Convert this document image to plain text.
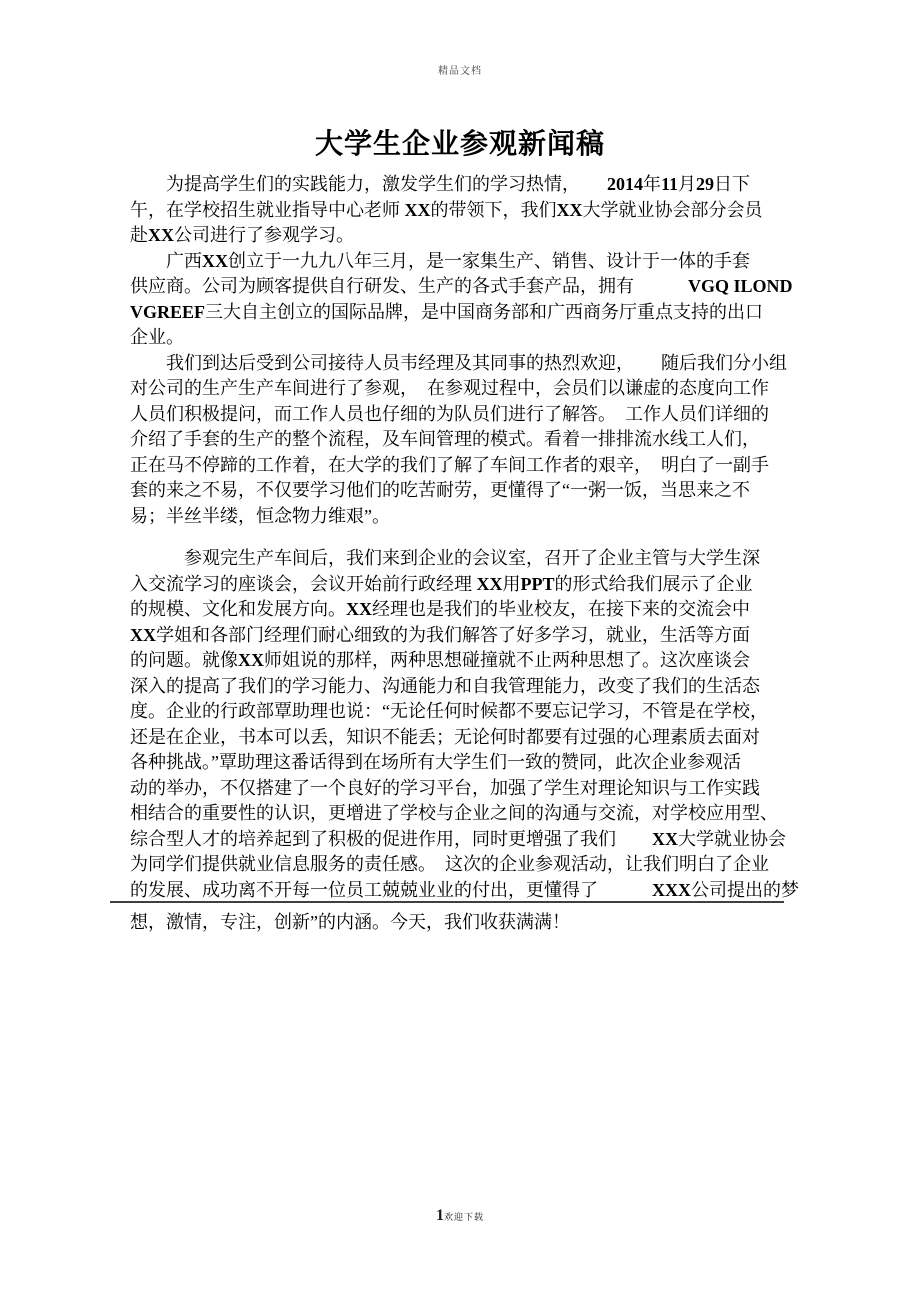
精品文档
大学生企业参观新闻稿
　　为提高学生们的实践能力，激发学生们的学习热情，　　2014年11月29日下
午，在学校招生就业指导中心老师 XX的带领下，我们XX大学就业协会部分会员
赴XX公司进行了参观学习。
　　广西XX创立于一九九八年三月，是一家集生产、销售、设计于一体的手套
供应商。公司为顾客提供自行研发、生产的各式手套产品，拥有　　　VGQ ILOND
VGREEF三大自主创立的国际品牌，是中国商务部和广西商务厅重点支持的出口
企业。
　　我们到达后受到公司接待人员韦经理及其同事的热烈欢迎，　　随后我们分小组
对公司的生产生产车间进行了参观，　在参观过程中，会员们以谦虚的态度向工作
人员们积极提问，而工作人员也仔细的为队员们进行了解答。　工作人员们详细的
介绍了手套的生产的整个流程，及车间管理的模式。看着一排排流水线工人们，
正在马不停蹄的工作着，在大学的我们了解了车间工作者的艰辛，　明白了一副手
套的来之不易，不仅要学习他们的吃苦耐劳，更懂得了“一粥一饭，当思来之不
易；半丝半缕，恒念物力维艰”。
　　　参观完生产车间后，我们来到企业的会议室，召开了企业主管与大学生深
入交流学习的座谈会，会议开始前行政经理 XX用PPT的形式给我们展示了企业
的规模、文化和发展方向。XX经理也是我们的毕业校友，在接下来的交流会中
XX学姐和各部门经理们耐心细致的为我们解答了好多学习，就业，生活等方面
的问题。就像XX师姐说的那样，两种思想碰撞就不止两种思想了。这次座谈会
深入的提高了我们的学习能力、沟通能力和自我管理能力，改变了我们的生活态
度。企业的行政部覃助理也说：“无论任何时候都不要忘记学习，不管是在学校，
还是在企业，书本可以丢，知识不能丢；无论何时都要有过强的心理素质去面对
各种挑战。”覃助理这番话得到在场所有大学生们一致的赞同，此次企业参观活
动的举办，不仅搭建了一个良好的学习平台，加强了学生对理论知识与工作实践
相结合的重要性的认识，更增进了学校与企业之间的沟通与交流，对学校应用型、
综合型人才的培养起到了积极的促进作用，同时更增强了我们　　XX大学就业协会
为同学们提供就业信息服务的责任感。　这次的企业参观活动，让我们明白了企业
的发展、成功离不开每一位员工兢兢业业的付出，更懂得了　　　XXX公司提出的梦
想，激情，专注，创新”的内涵。今天，我们收获满满！
1欢迎下载
